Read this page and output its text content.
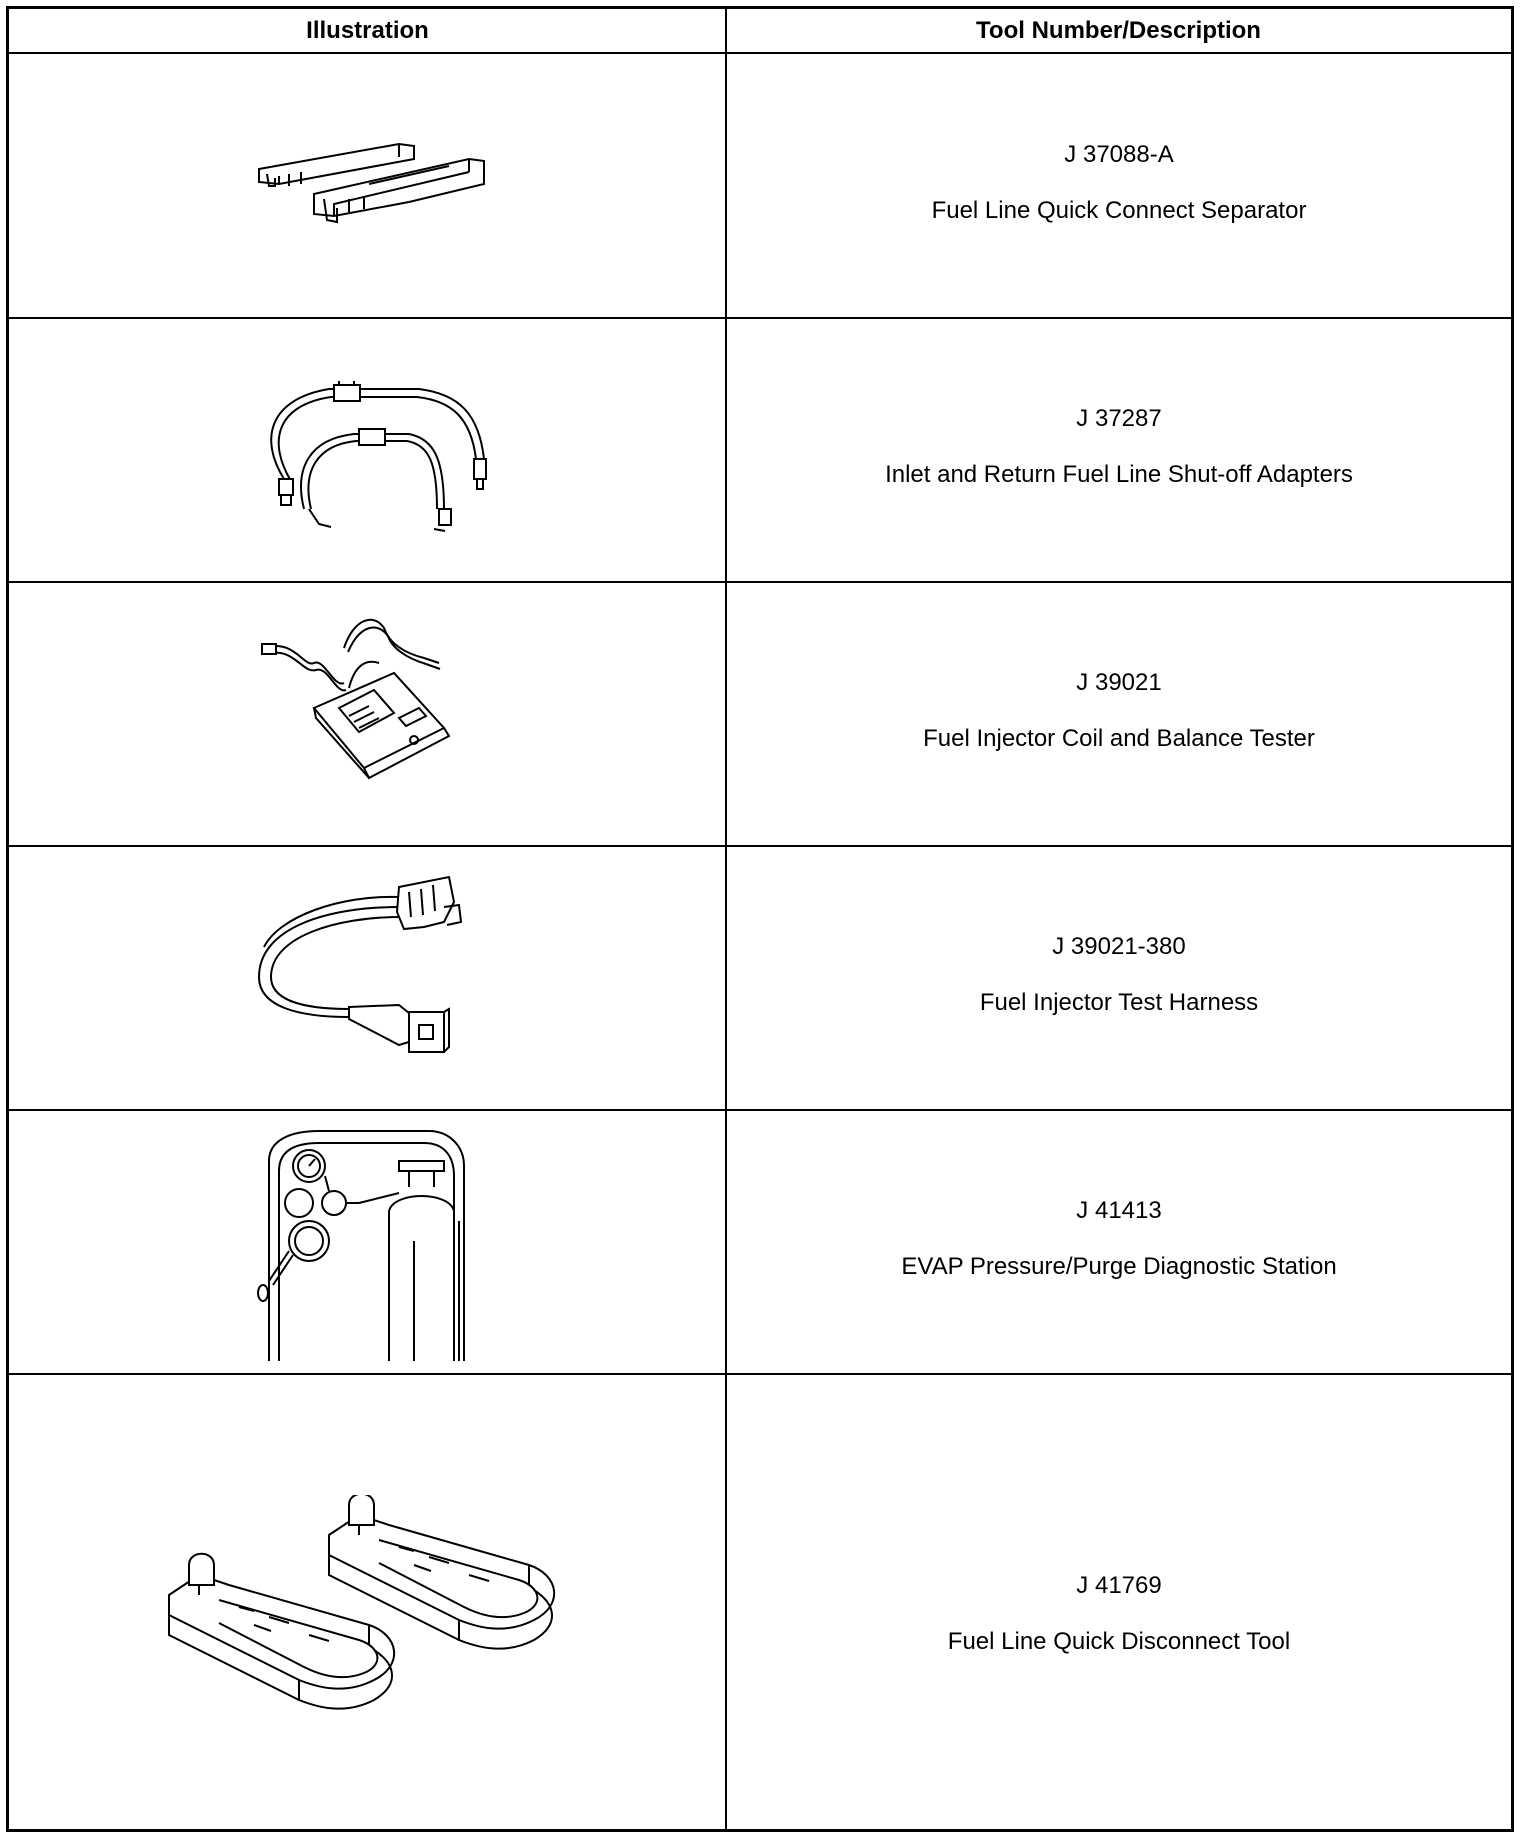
Illustration	Tool Number/Description
J 37088-A
Fuel Line Quick Connect Separator
J 37287
Inlet and Return Fuel Line Shut-off Adapters
J 39021
Fuel Injector Coil and Balance Tester
J 39021-380
Fuel Injector Test Harness
J 41413
EVAP Pressure/Purge Diagnostic Station
J 41769
Fuel Line Quick Disconnect Tool
